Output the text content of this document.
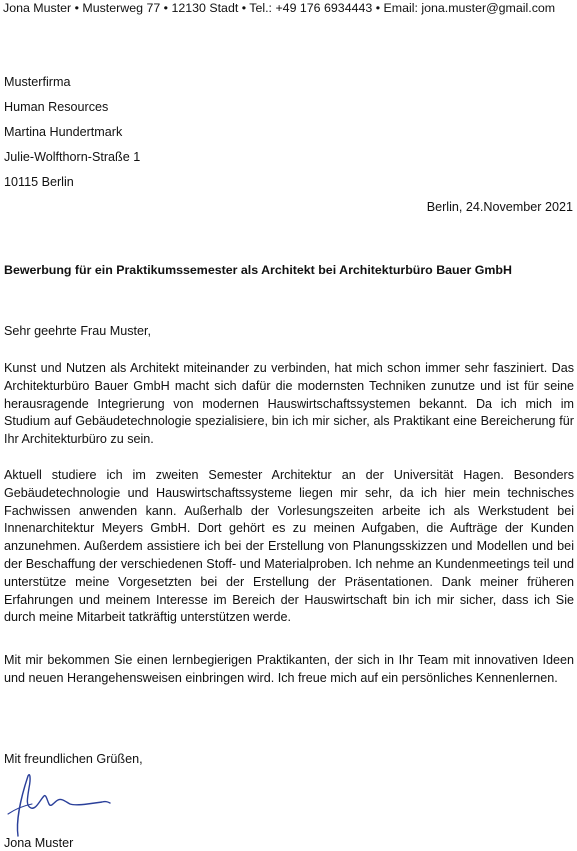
Jona Muster • Musterweg 77 • 12130 Stadt • Tel.: +49 176 6934443 • Email: jona.muster@gmail.com
Musterfirma
Human Resources
Martina Hundertmark
Julie-Wolfthorn-Straße 1
10115 Berlin
Berlin, 24.November 2021
Bewerbung für ein Praktikumssemester als Architekt bei Architekturbüro Bauer GmbH
Sehr geehrte Frau Muster,
Kunst und Nutzen als Architekt miteinander zu verbinden, hat mich schon immer sehr fasziniert. Das Architekturbüro Bauer GmbH macht sich dafür die modernsten Techniken zunutze und ist für seine herausragende Integrierung von modernen Hauswirtschaftssystemen bekannt. Da ich mich im Studium auf Gebäudetechnologie spezialisiere, bin ich mir sicher, als Praktikant eine Bereicherung für Ihr Architekturbüro zu sein.
Aktuell studiere ich im zweiten Semester Architektur an der Universität Hagen. Besonders Gebäudetechnologie und Hauswirtschaftssysteme liegen mir sehr, da ich hier mein technisches Fachwissen anwenden kann. Außerhalb der Vorlesungszeiten arbeite ich als Werkstudent bei Innenarchitektur Meyers GmbH. Dort gehört es zu meinen Aufgaben, die Aufträge der Kunden anzunehmen. Außerdem assistiere ich bei der Erstellung von Planungsskizzen und Modellen und bei der Beschaffung der verschiedenen Stoff- und Materialproben. Ich nehme an Kundenmeetings teil und unterstütze meine Vorgesetzten bei der Erstellung der Präsentationen. Dank meiner früheren Erfahrungen und meinem Interesse im Bereich der Hauswirtschaft bin ich mir sicher, dass ich Sie durch meine Mitarbeit tatkräftig unterstützen werde.
Mit mir bekommen Sie einen lernbegierigen Praktikanten, der sich in Ihr Team mit innovativen Ideen und neuen Herangehensweisen einbringen wird. Ich freue mich auf ein persönliches Kennenlernen.
Mit freundlichen Grüßen,
Jona Muster
